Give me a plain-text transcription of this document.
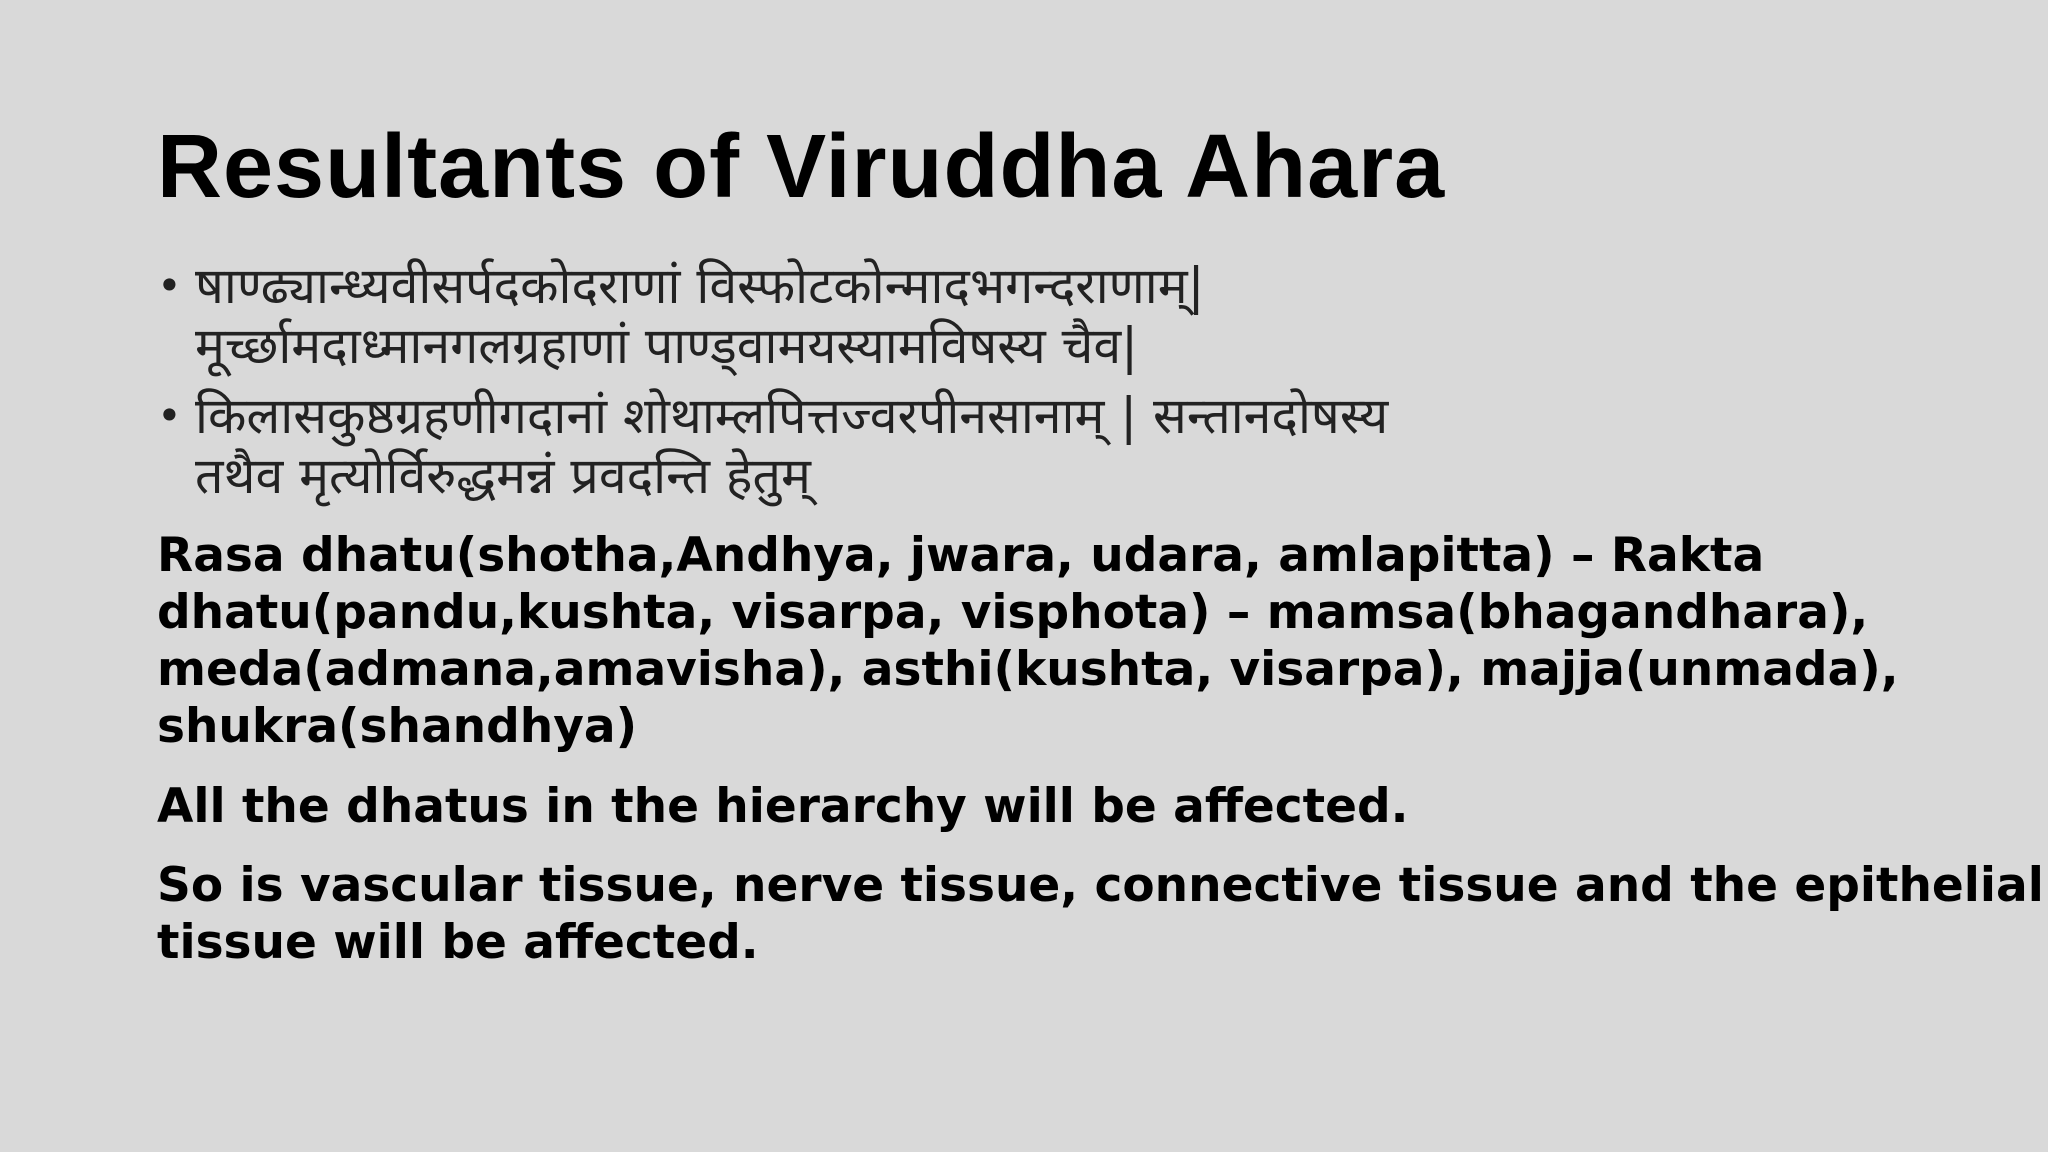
Resultants of Viruddha Ahara
• षाण्ढ्यान्ध्यवीसर्पदकोदराणां विस्फोटकोन्मादभगन्दराणाम्|
मूर्च्छामदाध्मानगलग्रहाणां पाण्ड्वामयस्यामविषस्य चैव|
• किलासकुष्ठग्रहणीगदानां शोथाम्लपित्तज्वरपीनसानाम् | सन्तानदोषस्य
तथैव मृत्योर्विरुद्धमन्नं प्रवदन्ति हेतुम्
Rasa dhatu(shotha,Andhya, jwara, udara, amlapitta) – Rakta
dhatu(pandu,kushta, visarpa, visphota) – mamsa(bhagandhara),
meda(admana,amavisha), asthi(kushta, visarpa), majja(unmada),
shukra(shandhya)
All the dhatus in the hierarchy will be affected.
So is vascular tissue, nerve tissue, connective tissue and the epithelial
tissue will be affected.
